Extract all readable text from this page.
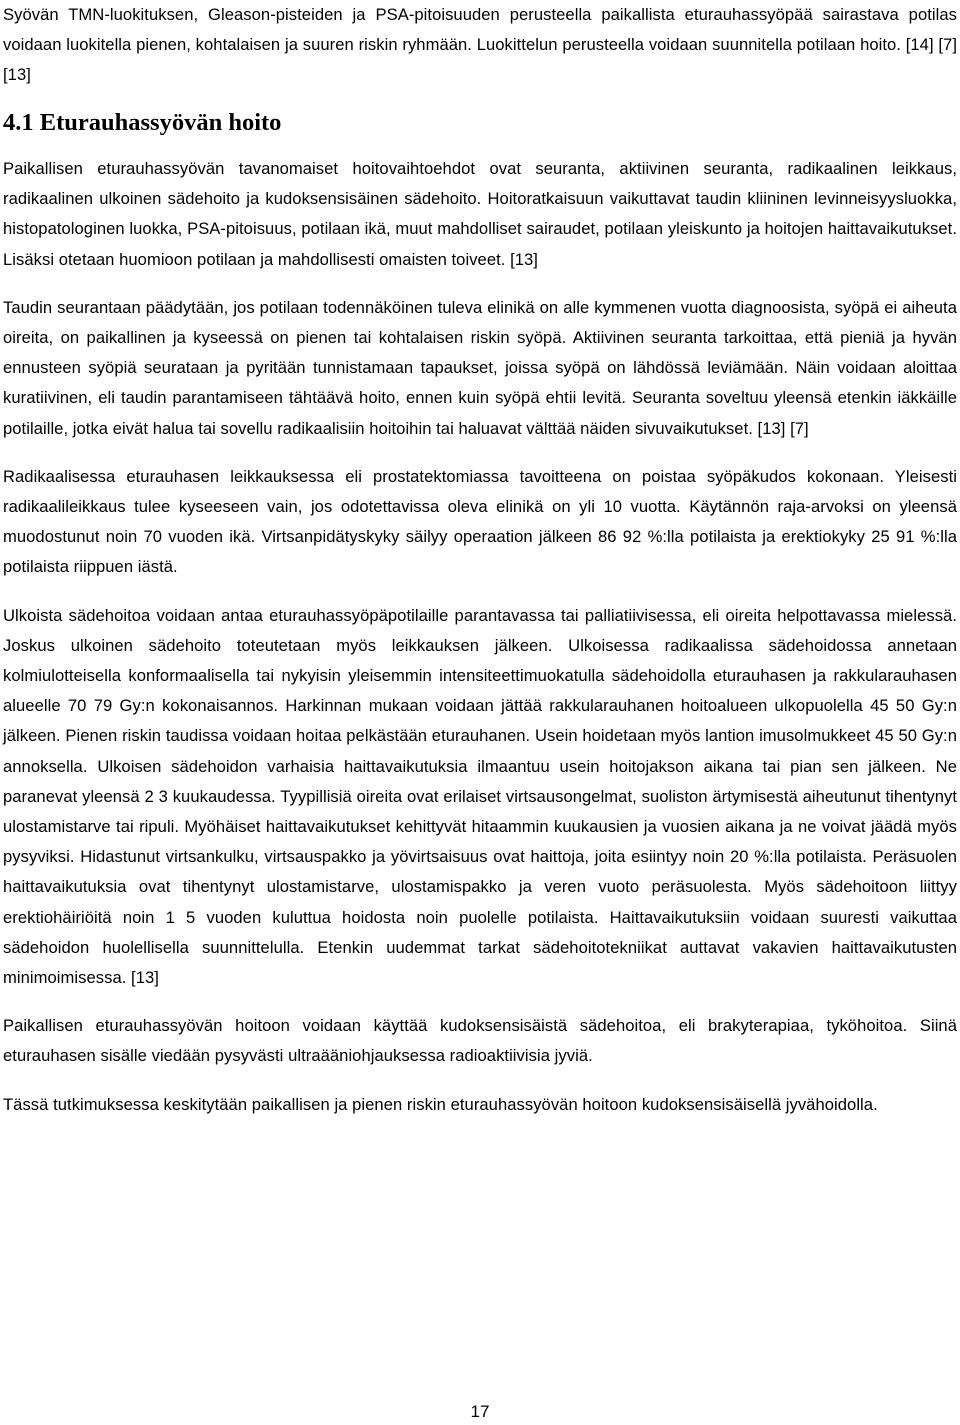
Syövän TMN-luokituksen, Gleason-pisteiden ja PSA-pitoisuuden perusteella paikallista eturauhassyöpää sairastava potilas voidaan luokitella pienen, kohtalaisen ja suuren riskin ryhmään. Luokittelun perusteella voidaan suunnitella potilaan hoito. [14] [7] [13]

4.1 Eturauhassyövän hoito

Paikallisen eturauhassyövän tavanomaiset hoitovaihtoehdot ovat seuranta, aktiivinen seuranta, radikaalinen leikkaus, radikaalinen ulkoinen sädehoito ja kudoksensisäinen sädehoito. Hoitoratkaisuun vaikuttavat taudin kliininen levinneisyysluokka, histopatologinen luokka, PSA-pitoisuus, potilaan ikä, muut mahdolliset sairaudet, potilaan yleiskunto ja hoitojen haittavaikutukset. Lisäksi otetaan huomioon potilaan ja mahdollisesti omaisten toiveet. [13]

Taudin seurantaan päädytään, jos potilaan todennäköinen tuleva elinikä on alle kymmenen vuotta diagnoosista, syöpä ei aiheuta oireita, on paikallinen ja kyseessä on pienen tai kohtalaisen riskin syöpä. Aktiivinen seuranta tarkoittaa, että pieniä ja hyvän ennusteen syöpiä seurataan ja pyritään tunnistamaan tapaukset, joissa syöpä on lähdössä leviämään. Näin voidaan aloittaa kuratiivinen, eli taudin parantamiseen tähtäävä hoito, ennen kuin syöpä ehtii levitä. Seuranta soveltuu yleensä etenkin iäkkäille potilaille, jotka eivät halua tai sovellu radikaalisiin hoitoihin tai haluavat välttää näiden sivuvaikutukset. [13] [7]

Radikaalisessa eturauhasen leikkauksessa eli prostatektomiassa tavoitteena on poistaa syöpäkudos kokonaan. Yleisesti radikaalileikkaus tulee kyseeseen vain, jos odotettavissa oleva elinikä on yli 10 vuotta. Käytännön raja-arvoksi on yleensä muodostunut noin 70 vuoden ikä. Virtsanpidätyskyky säilyy operaation jälkeen 86 92 %:lla potilaista ja erektiokyky 25 91 %:lla potilaista riippuen iästä.

Ulkoista sädehoitoa voidaan antaa eturauhassyöpäpotilaille parantavassa tai palliatiivisessa, eli oireita helpottavassa mielessä. Joskus ulkoinen sädehoito toteutetaan myös leikkauksen jälkeen. Ulkoisessa radikaalissa sädehoidossa annetaan kolmiulotteisella konformaalisella tai nykyisin yleisemmin intensiteettimuokatulla sädehoidolla eturauhasen ja rakkularauhasen alueelle 70 79 Gy:n kokonaisannos. Harkinnan mukaan voidaan jättää rakkularauhanen hoitoalueen ulkopuolella 45 50 Gy:n jälkeen. Pienen riskin taudissa voidaan hoitaa pelkästään eturauhanen. Usein hoidetaan myös lantion imusolmukkeet 45 50 Gy:n annoksella. Ulkoisen sädehoidon varhaisia haittavaikutuksia ilmaantuu usein hoitojakson aikana tai pian sen jälkeen. Ne paranevat yleensä 2 3 kuukaudessa. Tyypillisiä oireita ovat erilaiset virtsausongelmat, suoliston ärtymisestä aiheutunut tihentynyt ulostamistarve tai ripuli. Myöhäiset haittavaikutukset kehittyvät hitaammin kuukausien ja vuosien aikana ja ne voivat jäädä myös pysyviksi. Hidastunut virtsankulku, virtsauspakko ja yövirtsaisuus ovat haittoja, joita esiintyy noin 20 %:lla potilaista. Peräsuolen haittavaikutuksia ovat tihentynyt ulostamistarve, ulostamispakko ja veren vuoto peräsuolesta. Myös sädehoitoon liittyy erektiohäiriöitä noin 1 5 vuoden kuluttua hoidosta noin puolelle potilaista. Haittavaikutuksiin voidaan suuresti vaikuttaa sädehoidon huolellisella suunnittelulla. Etenkin uudemmat tarkat sädehoitotekniikat auttavat vakavien haittavaikutusten minimoimisessa. [13]

Paikallisen eturauhassyövän hoitoon voidaan käyttää kudoksensisäistä sädehoitoa, eli brakyterapiaa, tyköhoitoa. Siinä eturauhasen sisälle viedään pysyvästi ultraääniohjauksessa radioaktiivisia jyviä.

Tässä tutkimuksessa keskitytään paikallisen ja pienen riskin eturauhassyövän hoitoon kudoksensisäisellä jyvähoidolla.

17
